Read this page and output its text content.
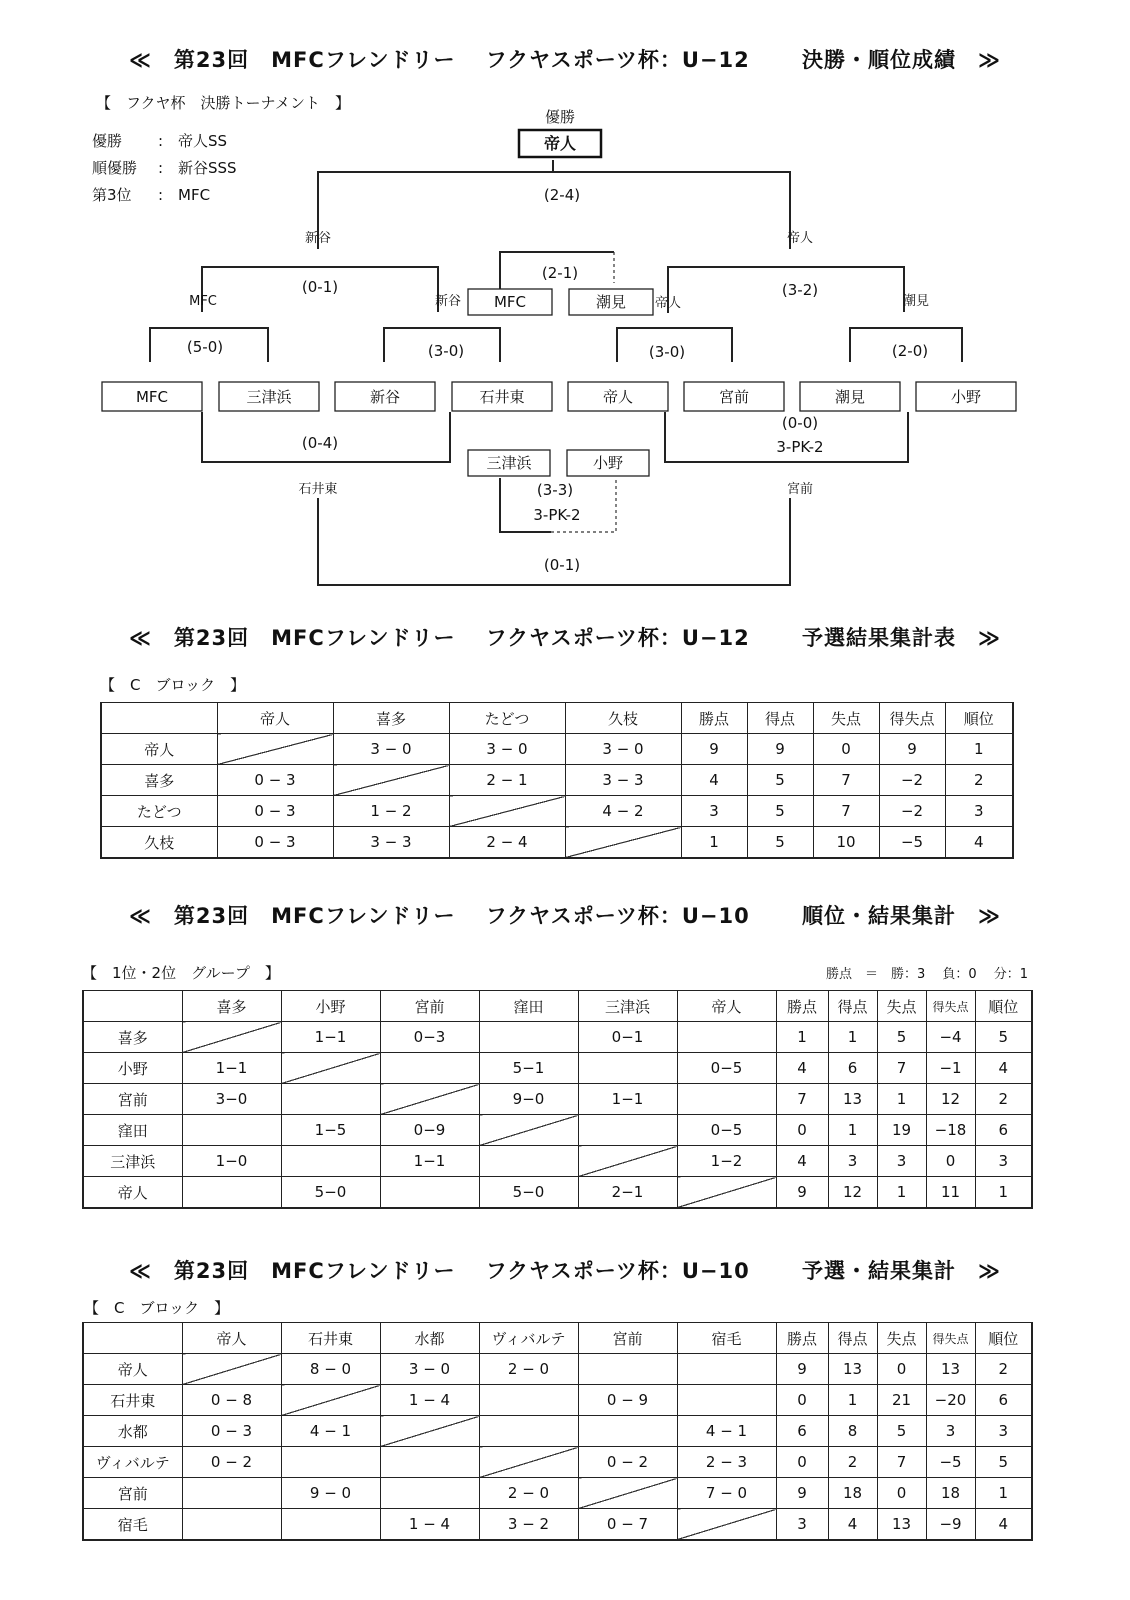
≪　第23回　MFCフレンドリー　 フクヤスポーツ杯：U−12　　 決勝・順位成績　≫
【　フクヤ杯　決勝トーナメント　】
優勝 : 帝人SS
順優勝 : 新谷SSS
第3位 : MFC
MFC	三津浜	新谷	石井東	帝人	宮前	潮見	小野
MFC	潮見
三津浜	小野
帝人
優勝
MFC	新谷	帝人	潮見
新谷	帝人
石井東	宮前
(5-0)	(3-0)	(3-0)	(2-0)
(0-1)	(3-2)
(2-4)
(2-1)
(0-4)
(0-0)
3-PK-2
(3-3)
3-PK-2
(0-1)
≪　第23回　MFCフレンドリー　 フクヤスポーツ杯：U−12　　 予選結果集計表　≫
【　C　ブロック　】
	帝人	喜多	たどつ	久枝	勝点	得点	失点	得失点	順位
帝人		3 − 0	3 − 0	3 − 0	9	9	0	9	1
喜多	0 − 3		2 − 1	3 − 3	4	5	7	−2	2
たどつ	0 − 3	1 − 2		4 − 2	3	5	7	−2	3
久枝	0 − 3	3 − 3	2 − 4		1	5	10	−5	4
≪　第23回　MFCフレンドリー　 フクヤスポーツ杯：U−10　　 順位・結果集計　≫
【　1位・2位　グループ　】	勝点　＝　勝：3　 負：0　 分：1
	喜多	小野	宮前	窪田	三津浜	帝人	勝点	得点	失点	得失点	順位
喜多		1−1	0−3		0−1		1	1	5	−4	5
小野	1−1			5−1		0−5	4	6	7	−1	4
宮前	3−0			9−0	1−1		7	13	1	12	2
窪田		1−5	0−9			0−5	0	1	19	−18	6
三津浜	1−0		1−1			1−2	4	3	3	0	3
帝人		5−0		5−0	2−1		9	12	1	11	1
≪　第23回　MFCフレンドリー　 フクヤスポーツ杯：U−10　　 予選・結果集計　≫
【　C　ブロック　】
	帝人	石井東	水都	ヴィバルテ	宮前	宿毛	勝点	得点	失点	得失点	順位
帝人		8 − 0	3 − 0	2 − 0			9	13	0	13	2
石井東	0 − 8		1 − 4		0 − 9		0	1	21	−20	6
水都	0 − 3	4 − 1				4 − 1	6	8	5	3	3
ヴィバルテ	0 − 2				0 − 2	2 − 3	0	2	7	−5	5
宮前		9 − 0		2 − 0		7 − 0	9	18	0	18	1
宿毛			1 − 4	3 − 2	0 − 7		3	4	13	−9	4
